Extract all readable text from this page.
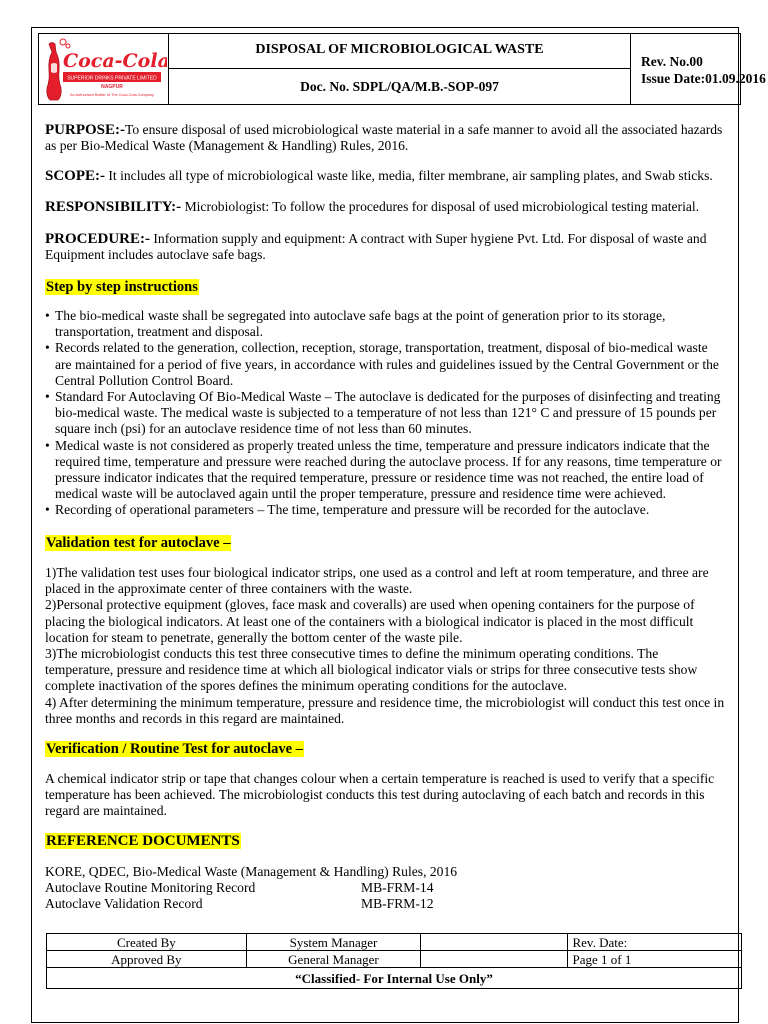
Coca-Cola
SUPERIOR DRINKS PRIVATE LIMITED
NAGPUR
An Authorised Bottler of The Coca-Cola Company
DISPOSAL OF MICROBIOLOGICAL WASTE
Doc. No. SDPL/QA/M.B.-SOP-097
Rev. No.00
Issue Date:01.09.2016
PURPOSE:-To ensure disposal of used microbiological waste material in a safe manner to avoid all the associated hazards as per Bio-Medical Waste (Management & Handling) Rules, 2016.
SCOPE:- It includes all type of microbiological waste like, media, filter membrane, air sampling plates, and Swab sticks.
RESPONSIBILITY:- Microbiologist: To follow the procedures for disposal of used microbiological testing material.
PROCEDURE:- Information supply and equipment: A contract with Super hygiene Pvt. Ltd. For disposal of waste and Equipment includes autoclave safe bags.
Step by step instructions
• The bio-medical waste shall be segregated into autoclave safe bags at the point of generation prior to its storage, transportation, treatment and disposal.
• Records related to the generation, collection, reception, storage, transportation, treatment, disposal of bio-medical waste are maintained for a period of five years, in accordance with rules and guidelines issued by the Central Government or the Central Pollution Control Board.
• Standard For Autoclaving Of Bio-Medical Waste – The autoclave is dedicated for the purposes of disinfecting and treating bio-medical waste. The medical waste is subjected to a temperature of not less than 121° C and pressure of 15 pounds per square inch (psi) for an autoclave residence time of not less than 60 minutes.
• Medical waste is not considered as properly treated unless the time, temperature and pressure indicators indicate that the required time, temperature and pressure were reached during the autoclave process. If for any reasons, time temperature or pressure indicator indicates that the required temperature, pressure or residence time was not reached, the entire load of medical waste will be autoclaved again until the proper temperature, pressure and residence time were achieved.
• Recording of operational parameters – The time, temperature and pressure will be recorded for the autoclave.
Validation test for autoclave –

1)The validation test uses four biological indicator strips, one used as a control and left at room temperature, and three are placed in the approximate center of three containers with the waste.

2)Personal protective equipment (gloves, face mask and coveralls) are used when opening containers for the purpose of placing the biological indicators. At least one of the containers with a biological indicator is placed in the most difficult location for steam to penetrate, generally the bottom center of the waste pile.

3)The microbiologist conducts this test three consecutive times to define the minimum operating conditions. The temperature, pressure and residence time at which all biological indicator vials or strips for three consecutive tests show complete inactivation of the spores defines the minimum operating conditions for the autoclave.

4) After determining the minimum temperature, pressure and residence time, the microbiologist will conduct this test once in three months and records in this regard are maintained.

Verification / Routine Test for autoclave –

A chemical indicator strip or tape that changes colour when a certain temperature is reached is used to verify that a specific temperature has been achieved. The microbiologist conducts this test during autoclaving of each batch and records in this regard are maintained.

REFERENCE DOCUMENTS
KORE, QDEC, Bio-Medical Waste (Management & Handling) Rules, 2016
Autoclave Routine Monitoring Record	MB-FRM-14
Autoclave Validation Record	MB-FRM-12
Created By	System Manager		Rev. Date:
Approved By	General Manager		Page 1 of 1
“Classified- For Internal Use Only”			
